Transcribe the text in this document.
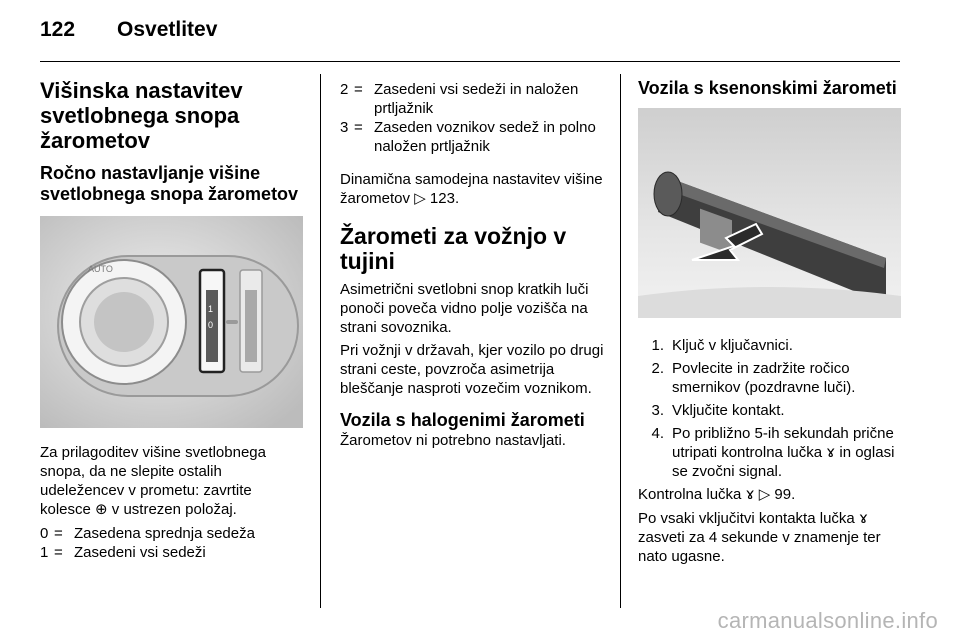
122 Osvetlitev
Višinska nastavitev svetlobnega snopa žarometov
Ročno nastavljanje višine svetlobnega snopa žarometov
AUTO
1
0

Za prilagoditev višine svetlobnega snopa, da ne slepite ostalih udeležencev v prometu: zavrtite kolesce ⊕ v ustrezen položaj.

0 = Zasedena sprednja sedeža
1 = Zasedeni vsi sedeži
2 = Zasedeni vsi sedeži in naložen prtljažnik
3 = Zaseden voznikov sedež in polno naložen prtljažnik

Dinamična samodejna nastavitev višine žarometov ▷ 123.

Žarometi za vožnjo v tujini

Asimetrični svetlobni snop kratkih luči ponoči poveča vidno polje voziščа na strani sovoznika.

Pri vožnji v državah, kjer vozilo po drugi strani ceste, povzroča asimetrija bleščanje nasproti vozečim voznikom.

Vozila s halogenimi žarometi

Žarometov ni potrebno nastavljati.

Vozila s ksenonskimi žarometi
1. Ključ v ključavnici.
2. Povlecite in zadržite ročico smernikov (pozdravne luči).
3. Vključite kontakt.
4. Po približno 5-ih sekundah prične utripati kontrolna lučka ɤ in oglasi se zvočni signal.

Kontrolna lučka ɤ ▷ 99.

Po vsaki vključitvi kontakta lučka ɤ zasveti za 4 sekunde v znamenje ter nato ugasne.

carmanualsonline.info
